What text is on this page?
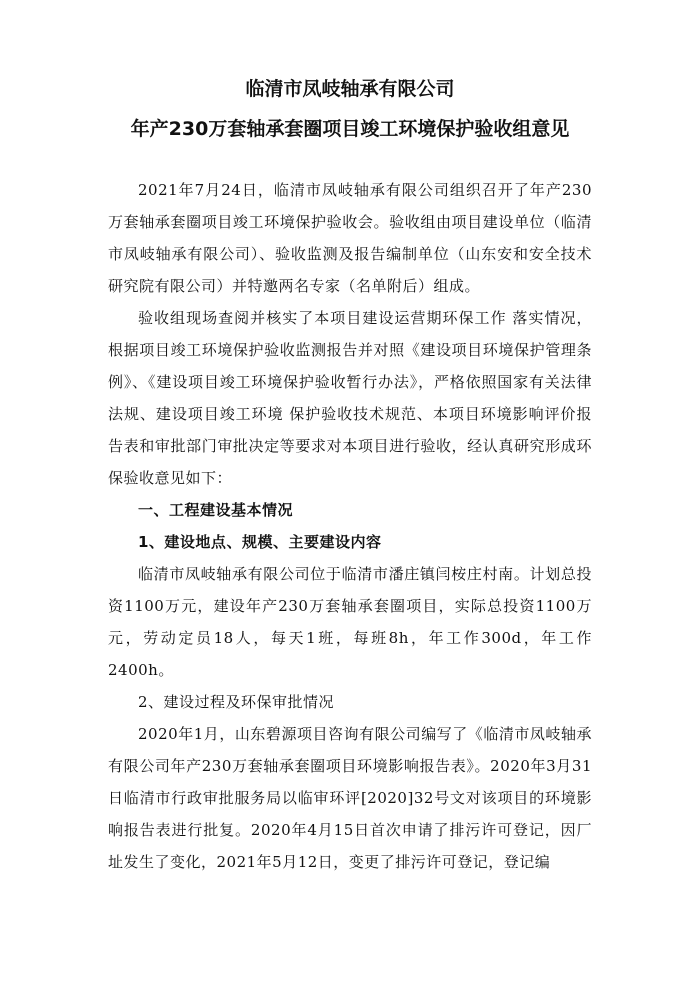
临清市凤岐轴承有限公司
年产230万套轴承套圈项目竣工环境保护验收组意见

2021年7月24日，临清市凤岐轴承有限公司组织召开了年产230万套轴承套圈项目竣工环境保护验收会。验收组由项目建设单位（临清市凤岐轴承有限公司）、验收监测及报告编制单位（山东安和安全技术研究院有限公司）并特邀两名专家（名单附后）组成。

验收组现场查阅并核实了本项目建设运营期环保工作 落实情况，根据项目竣工环境保护验收监测报告并对照《建设项目环境保护管理条例》、《建设项目竣工环境保护验收暂行办法》，严格依照国家有关法律法规、建设项目竣工环境 保护验收技术规范、本项目环境影响评价报告表和审批部门审批决定等要求对本项目进行验收，经认真研究形成环保验收意见如下：

一、工程建设基本情况

1、建设地点、规模、主要建设内容

临清市凤岐轴承有限公司位于临清市潘庄镇闫桉庄村南。计划总投资1100万元，建设年产230万套轴承套圈项目，实际总投资1100万元，劳动定员18人，每天1班，每班8h，年工作300d，年工作2400h。

2、建设过程及环保审批情况

2020年1月，山东碧源项目咨询有限公司编写了《临清市凤岐轴承有限公司年产230万套轴承套圈项目环境影响报告表》。2020年3月31日临清市行政审批服务局以临审环评[2020]32号文对该项目的环境影响报告表进行批复。2020年4月15日首次申请了排污许可登记，因厂址发生了变化，2021年5月12日，变更了排污许可登记，登记编
